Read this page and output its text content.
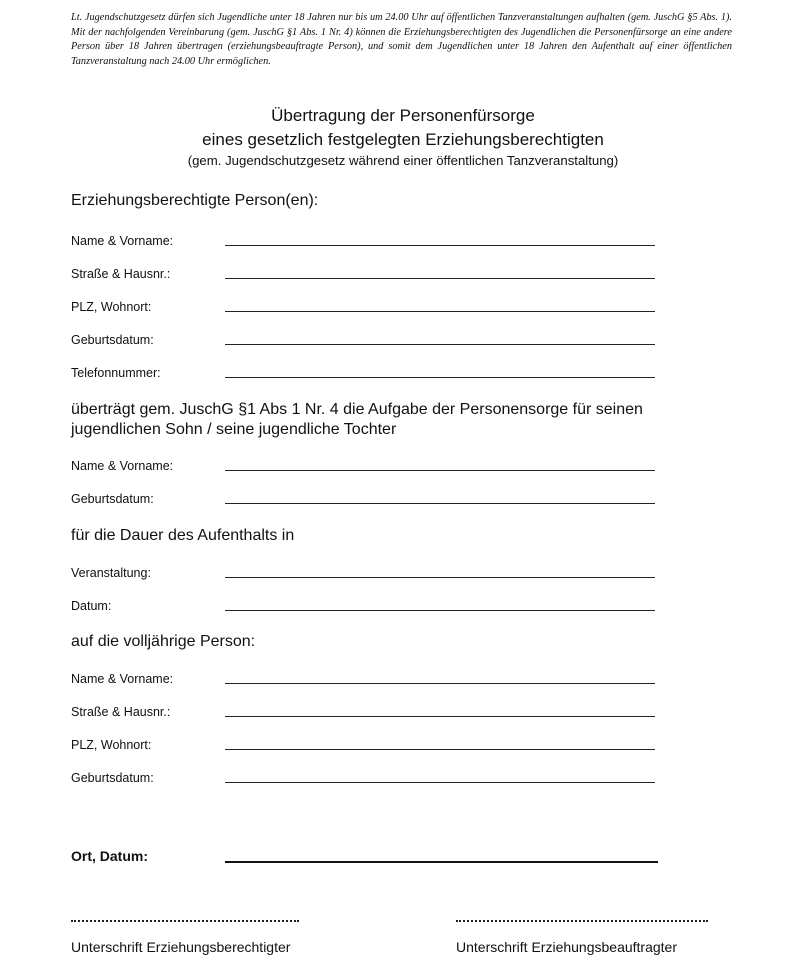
Lt. Jugendschutzgesetz dürfen sich Jugendliche unter 18 Jahren nur bis um 24.00 Uhr auf öffentlichen Tanzveranstaltungen aufhalten (gem. JuschG §5 Abs. 1). Mit der nachfolgenden Vereinbarung (gem. JuschG §1 Abs. 1 Nr. 4) können die Erziehungsberechtigten des Jugendlichen die Personenfürsorge an eine andere Person über 18 Jahren übertragen (erziehungsbeauftragte Person), und somit dem Jugendlichen unter 18 Jahren den Aufenthalt auf einer öffentlichen Tanzveranstaltung nach 24.00 Uhr ermöglichen.
Übertragung der Personenfürsorge
eines gesetzlich festgelegten Erziehungsberechtigten
(gem. Jugendschutzgesetz während einer öffentlichen Tanzveranstaltung)
Erziehungsberechtigte Person(en):
Name & Vorname:
Straße & Hausnr.:
PLZ, Wohnort:
Geburtsdatum:
Telefonnummer:
überträgt gem. JuschG §1 Abs 1 Nr. 4 die Aufgabe der Personensorge für seinen jugendlichen Sohn / seine jugendliche Tochter
Name & Vorname:
Geburtsdatum:
für die Dauer des Aufenthalts in
Veranstaltung:
Datum:
auf die volljährige Person:
Name & Vorname:
Straße & Hausnr.:
PLZ, Wohnort:
Geburtsdatum:
Ort, Datum:
Unterschrift Erziehungsberechtigter	Unterschrift Erziehungsbeauftragter
